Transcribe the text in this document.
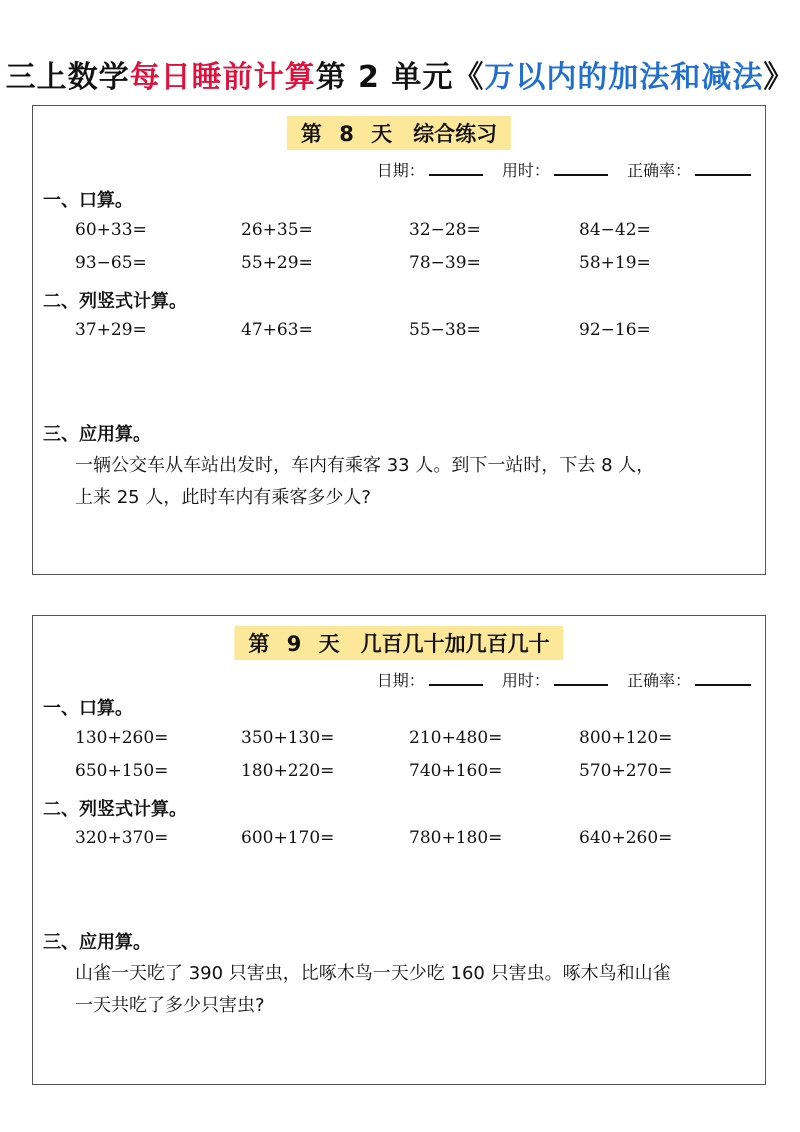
三上数学每日睡前计算第 2 单元《万以内的加法和减法》
第 8 天　综合练习
日期：	用时：	正确率：
一、口算。
60+33=	26+35=	32−28=	84−42=
93−65=	55+29=	78−39=	58+19=
二、列竖式计算。
37+29=	47+63=	55−38=	92−16=
三、应用算。
一辆公交车从车站出发时，车内有乘客 33 人。到下一站时，下去 8 人，
上来 25 人，此时车内有乘客多少人?
第 9 天　几百几十加几百几十
日期：	用时：	正确率：
一、口算。
130+260=	350+130=	210+480=	800+120=
650+150=	180+220=	740+160=	570+270=
二、列竖式计算。
320+370=	600+170=	780+180=	640+260=
三、应用算。
山雀一天吃了 390 只害虫，比啄木鸟一天少吃 160 只害虫。啄木鸟和山雀
一天共吃了多少只害虫?
